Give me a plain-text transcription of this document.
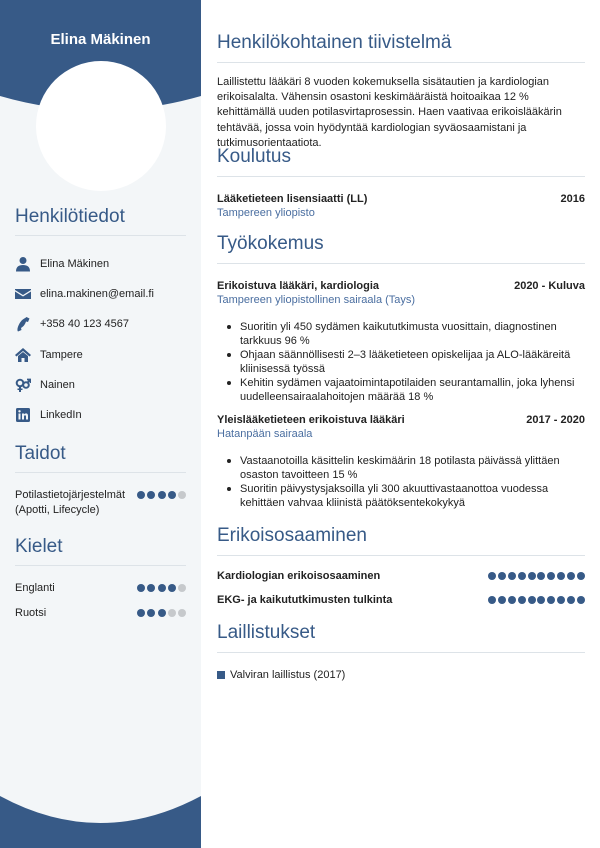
Elina Mäkinen
Henkilötiedot
Elina Mäkinen
elina.makinen@email.fi
+358 40 123 4567
Tampere
Nainen
LinkedIn
Taidot
Potilastietojärjestelmät (Apotti, Lifecycle)
Kielet
Englanti
Ruotsi
Henkilökohtainen tiivistelmä

Laillistettu lääkäri 8 vuoden kokemuksella sisätautien ja kardiologian erikoisalalta. Vähensin osastoni keskimääräistä hoitoaikaa 12 % kehittämällä uuden potilasvirtaprosessin. Haen vaativaa erikoislääkärin tehtävää, jossa voin hyödyntää kardiologian syväosaamistani ja tutkimusorientaatiota.

Koulutus
Lääketieteen lisensiaatti (LL)	2016
Tampereen yliopisto
Työkokemus
Erikoistuva lääkäri, kardiologia	2020 - Kuluva
Tampereen yliopistollinen sairaala (Tays)
Suoritin yli 450 sydämen kaikututkimusta vuosittain, diagnostinen tarkkuus 96 %
Ohjaan säännöllisesti 2–3 lääketieteen opiskelijaa ja ALO-lääkäreitä kliinisessä työssä
Kehitin sydämen vajaatoimintapotilaiden seurantamallin, joka lyhensi uudelleensairaalahoitojen määrää 18 %
Yleislääketieteen erikoistuva lääkäri	2017 - 2020
Hatanpään sairaala
Vastaanotoilla käsittelin keskimäärin 18 potilasta päivässä ylittäen osaston tavoitteen 15 %
Suoritin päivystysjaksoilla yli 300 akuuttivastaanottoa vuodessa kehittäen vahvaa kliinistä päätöksentekokykyä
Erikoisosaaminen
Kardiologian erikoisosaaminen
EKG- ja kaikututkimusten tulkinta
Laillistukset
Valviran laillistus (2017)
